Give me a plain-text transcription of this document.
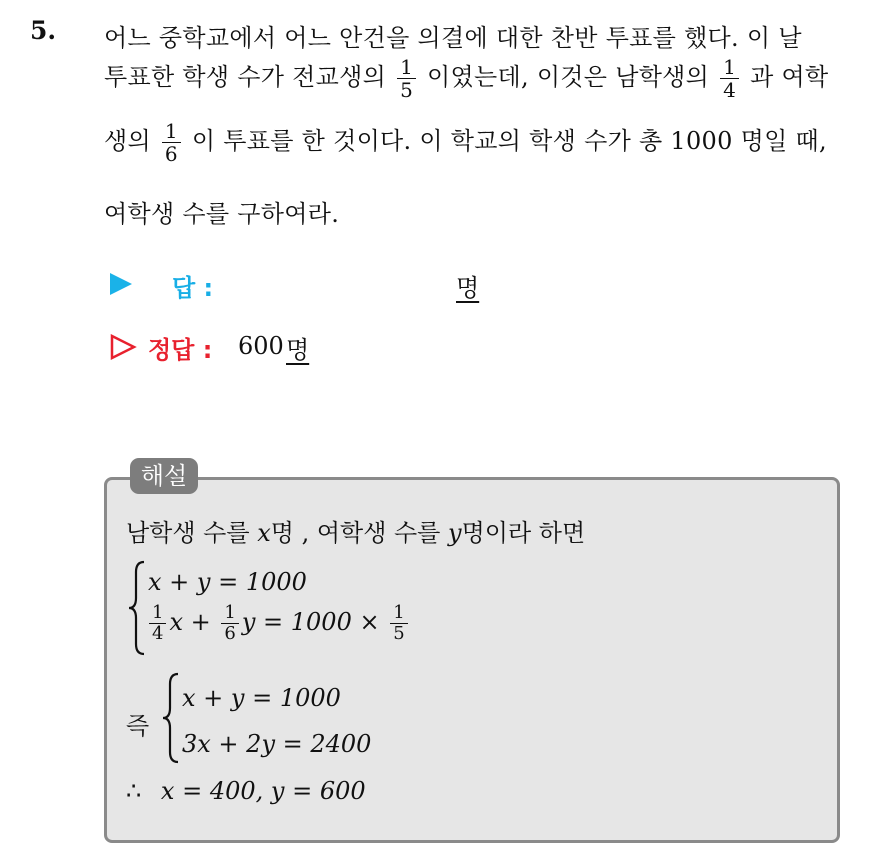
5. 어느 중학교에서 어느 안건을 의결에 대한 찬반 투표를 했다. 이 날
투표한 학생 수가 전교생의 $\frac{1}{5}$ 이였는데, 이것은 남학생의 $\frac{1}{4}$ 과 여학
생의 $\frac{1}{6}$ 이 투표를 한 것이다. 이 학교의 학생 수가 총 1000 명일 때,
여학생 수를 구하여라.
답 :	명
정답 : 600 명
해설
남학생 수를 x명 , 여학생 수를 y명이라 하면
x + y = 1000
$\frac{1}{4}$ $x + \frac{1}{6}$ $y = 1000 \times \frac{1}{5}$
즉
x + y = 1000
3x + 2y = 2400
∴ x = 400, y = 600
